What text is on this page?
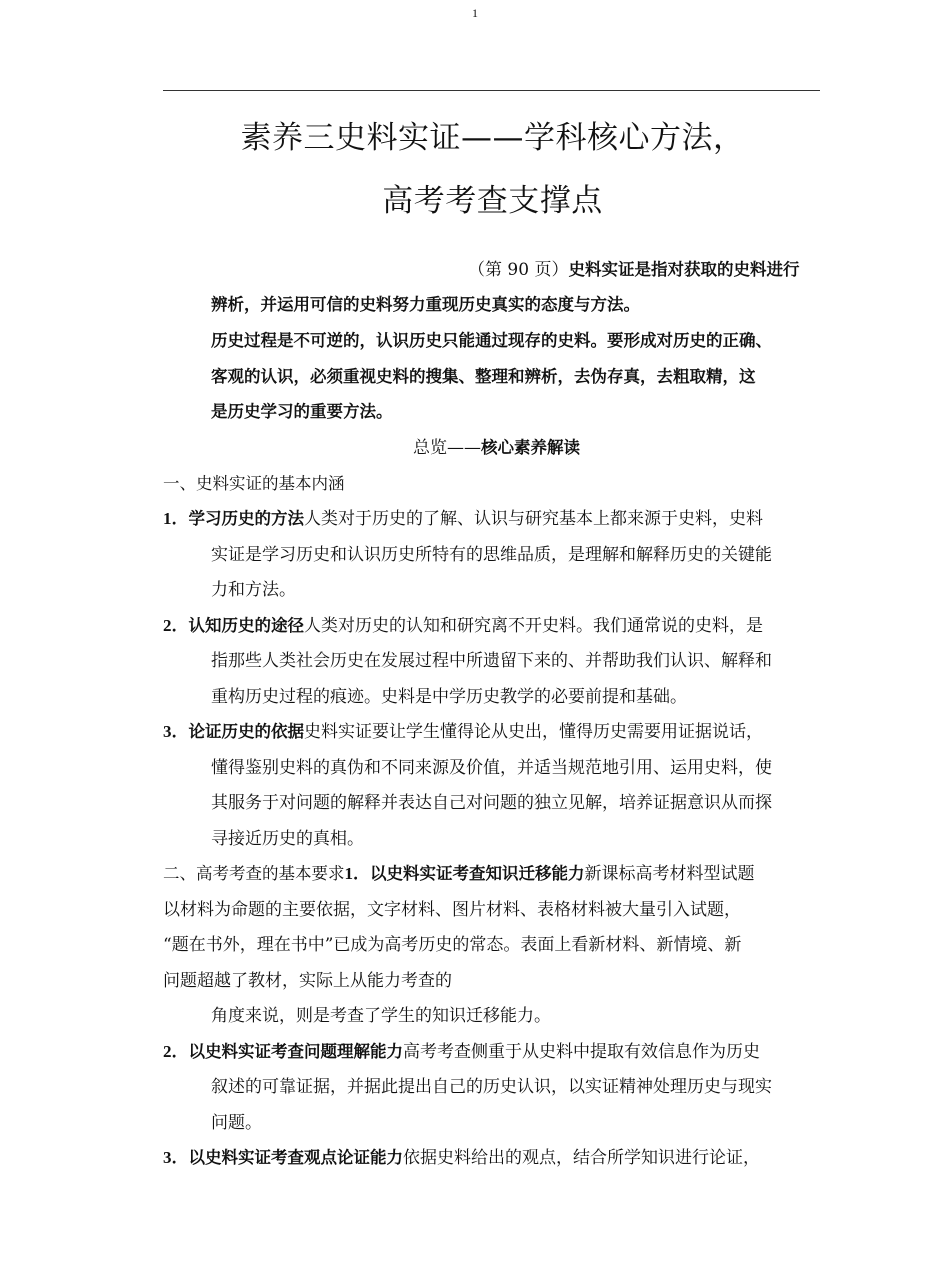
1
素养三史料实证——学科核心方法，
高考考查支撑点
（第 90 页）史料实证是指对获取的史料进行
辨析，并运用可信的史料努力重现历史真实的态度与方法。
历史过程是不可逆的，认识历史只能通过现存的史料。要形成对历史的正确、
客观的认识，必须重视史料的搜集、整理和辨析，去伪存真，去粗取精，这
是历史学习的重要方法。
总览——核心素养解读
一、史料实证的基本内涵
1．学习历史的方法人类对于历史的了解、认识与研究基本上都来源于史料，史料
实证是学习历史和认识历史所特有的思维品质，是理解和解释历史的关键能
力和方法。
2．认知历史的途径人类对历史的认知和研究离不开史料。我们通常说的史料，是
指那些人类社会历史在发展过程中所遗留下来的、并帮助我们认识、解释和
重构历史过程的痕迹。史料是中学历史教学的必要前提和基础。
3．论证历史的依据史料实证要让学生懂得论从史出，懂得历史需要用证据说话，
懂得鉴别史料的真伪和不同来源及价值，并适当规范地引用、运用史料，使
其服务于对问题的解释并表达自己对问题的独立见解，培养证据意识从而探
寻接近历史的真相。
二、高考考查的基本要求1．以史料实证考查知识迁移能力新课标高考材料型试题
以材料为命题的主要依据，文字材料、图片材料、表格材料被大量引入试题，
“题在书外，理在书中”已成为高考历史的常态。表面上看新材料、新情境、新
问题超越了教材，实际上从能力考查的
角度来说，则是考查了学生的知识迁移能力。
2．以史料实证考查问题理解能力高考考查侧重于从史料中提取有效信息作为历史
叙述的可靠证据，并据此提出自己的历史认识，以实证精神处理历史与现实
问题。
3．以史料实证考查观点论证能力依据史料给出的观点，结合所学知识进行论证，
